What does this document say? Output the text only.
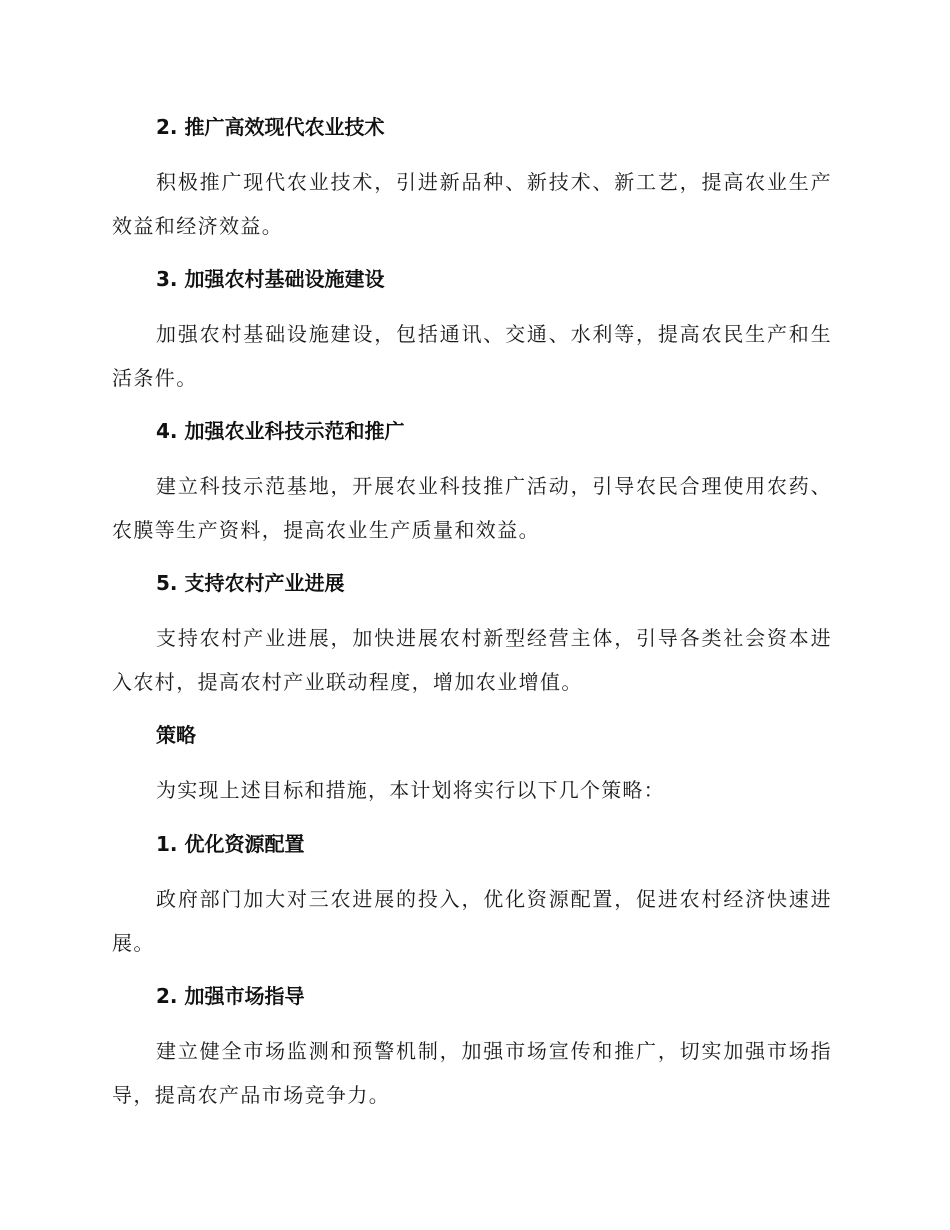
2. 推广高效现代农业技术
积极推广现代农业技术，引进新品种、新技术、新工艺，提高农业生产效益和经济效益。
3. 加强农村基础设施建设
加强农村基础设施建设，包括通讯、交通、水利等，提高农民生产和生活条件。
4. 加强农业科技示范和推广
建立科技示范基地，开展农业科技推广活动，引导农民合理使用农药、农膜等生产资料，提高农业生产质量和效益。
5. 支持农村产业进展
支持农村产业进展，加快进展农村新型经营主体，引导各类社会资本进入农村，提高农村产业联动程度，增加农业增值。
策略
为实现上述目标和措施，本计划将实行以下几个策略：
1. 优化资源配置
政府部门加大对三农进展的投入，优化资源配置，促进农村经济快速进展。
2. 加强市场指导
建立健全市场监测和预警机制，加强市场宣传和推广，切实加强市场指导，提高农产品市场竞争力。
